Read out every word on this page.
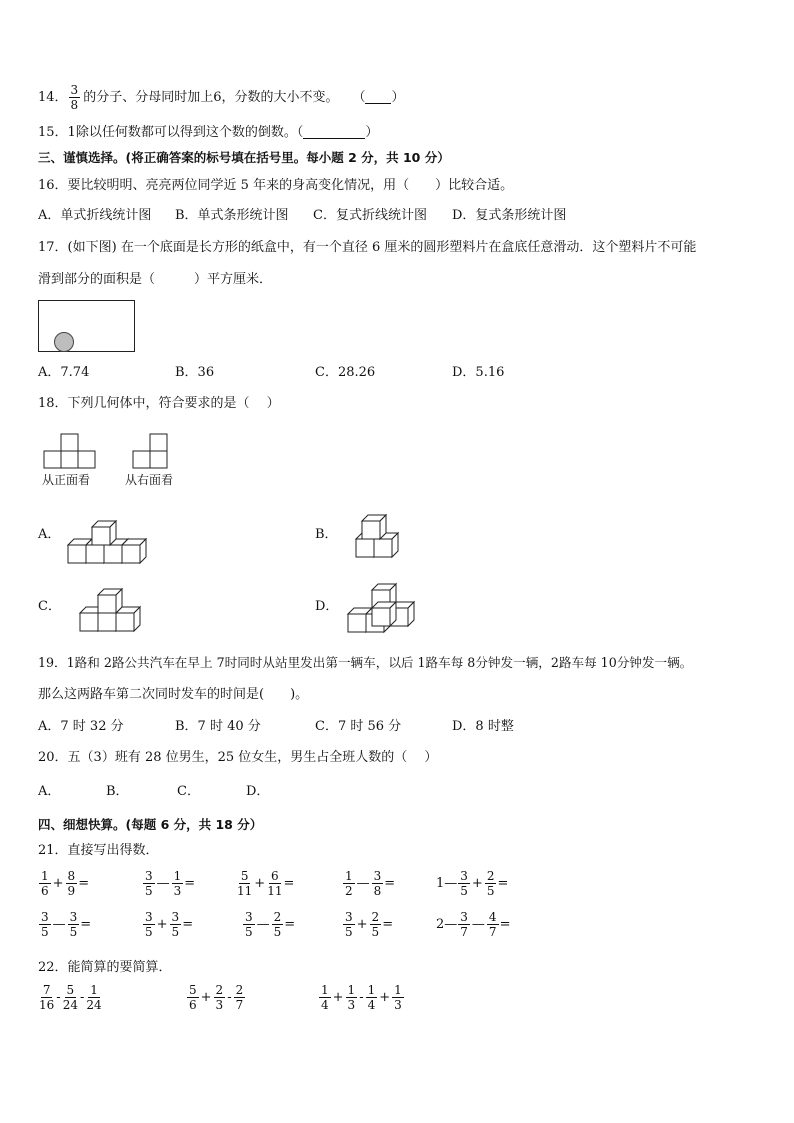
14． $\frac{3}{8}$ 的分子、分母同时加上6，分数的大小不变。 （ ）
15．1除以任何数都可以得到这个数的倒数。（	）
三、谨慎选择。(将正确答案的标号填在括号里。每小题 2 分，共 10 分）
16．要比较明明、亮亮两位同学近 5 年来的身高变化情况，用（　　）比较合适。
A．单式折线统计图 B．单式条形统计图 C．复式折线统计图 D．复式条形统计图
17．(如下图) 在一个底面是长方形的纸盒中，有一个直径 6 厘米的圆形塑料片在盒底任意滑动．这个塑料片不可能
滑到部分的面积是（　　　）平方厘米．
A．7.74	B．36	C．28.26	D．5.16
18．下列几何体中，符合要求的是（　 ）
从正面看	从右面看
A．	B．
C．	D．
19．1路和 2路公共汽车在早上 7时同时从站里发出第一辆车，以后 1路车每 8分钟发一辆，2路车每 10分钟发一辆。
那么这两路车第二次同时发车的时间是(　　)。
A．7 时 32 分	B．7 时 40 分	C．7 时 56 分	D．8 时整
20．五（3）班有 28 位男生，25 位女生，男生占全班人数的（　 ）
A．	B．	C．	D．
四、细想快算。(每题 6 分，共 18 分）
21．直接写出得数．
$\frac{1}{6} + \frac{8}{9}$ =	$\frac{3}{5}$ — $\frac{1}{3}$ =	$\frac{5}{11} + \frac{6}{11}$ =	$\frac{1}{2}$ — $\frac{3}{8}$ =	1— $\frac{3}{5} + \frac{2}{5}$ =
$\frac{3}{5}$ — $\frac{3}{5}$ =	$\frac{3}{5} + \frac{3}{5}$ =	$\frac{3}{5}$ — $\frac{2}{5}$ =	$\frac{3}{5} + \frac{2}{5}$ =	2— $\frac{3}{7}$ — $\frac{4}{7}$ =
22．能简算的要简算．
$\frac{7}{16} - \frac{5}{24} - \frac{1}{24}$	$\frac{5}{6} + \frac{2}{3} - \frac{2}{7}$	$\frac{1}{4} + \frac{1}{3} - \frac{1}{4} + \frac{1}{3}$
